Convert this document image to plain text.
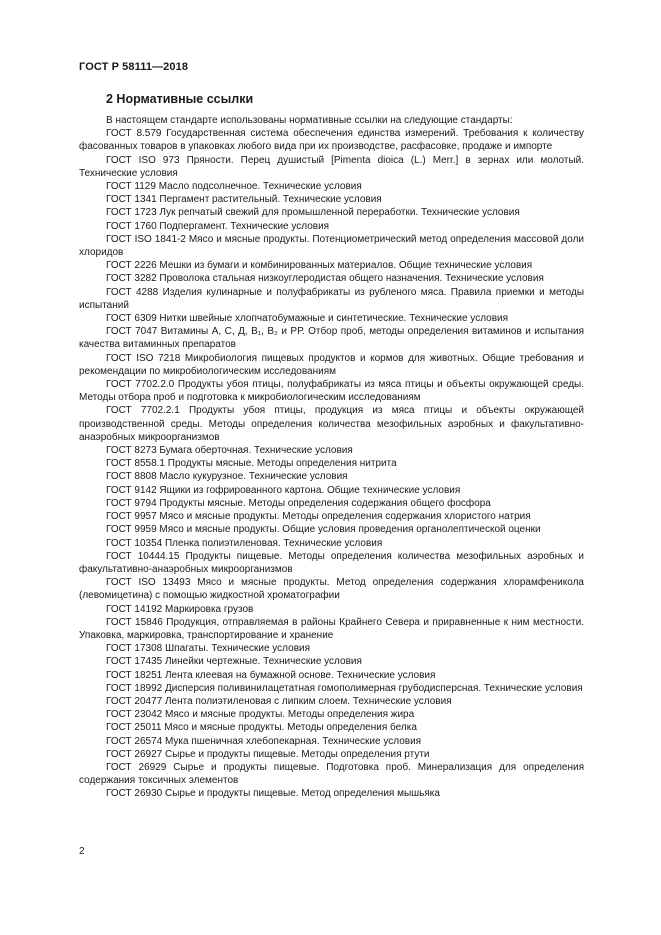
ГОСТ Р 58111—2018
2 Нормативные ссылки

В настоящем стандарте использованы нормативные ссылки на следующие стандарты:

ГОСТ 8.579 Государственная система обеспечения единства измерений. Требования к количеству фасованных товаров в упаковках любого вида при их производстве, расфасовке, продаже и импорте

ГОСТ ISO 973 Пряности. Перец душистый [Pimenta dioica (L.) Merr.] в зернах или молотый. Технические условия

ГОСТ 1129 Масло подсолнечное. Технические условия

ГОСТ 1341 Пергамент растительный. Технические условия

ГОСТ 1723 Лук репчатый свежий для промышленной переработки. Технические условия

ГОСТ 1760 Подпергамент. Технические условия

ГОСТ ISO 1841-2 Мясо и мясные продукты. Потенциометрический метод определения массовой доли хлоридов

ГОСТ 2226 Мешки из бумаги и комбинированных материалов. Общие технические условия

ГОСТ 3282 Проволока стальная низкоуглеродистая общего назначения. Технические условия

ГОСТ 4288 Изделия кулинарные и полуфабрикаты из рубленого мяса. Правила приемки и методы испытаний

ГОСТ 6309 Нитки швейные хлопчатобумажные и синтетические. Технические условия

ГОСТ 7047 Витамины А, С, Д, В₁, В₂ и РР. Отбор проб, методы определения витаминов и испытания качества витаминных препаратов

ГОСТ ISO 7218 Микробиология пищевых продуктов и кормов для животных. Общие требования и рекомендации по микробиологическим исследованиям

ГОСТ 7702.2.0 Продукты убоя птицы, полуфабрикаты из мяса птицы и объекты окружающей среды. Методы отбора проб и подготовка к микробиологическим исследованиям

ГОСТ 7702.2.1 Продукты убоя птицы, продукция из мяса птицы и объекты окружающей производственной среды. Методы определения количества мезофильных аэробных и факультативно-анаэробных микроорганизмов

ГОСТ 8273 Бумага оберточная. Технические условия

ГОСТ 8558.1 Продукты мясные. Методы определения нитрита

ГОСТ 8808 Масло кукурузное. Технические условия

ГОСТ 9142 Ящики из гофрированного картона. Общие технические условия

ГОСТ 9794 Продукты мясные. Методы определения содержания общего фосфора

ГОСТ 9957 Мясо и мясные продукты. Методы определения содержания хлористого натрия

ГОСТ 9959 Мясо и мясные продукты. Общие условия проведения органолептической оценки

ГОСТ 10354 Пленка полиэтиленовая. Технические условия

ГОСТ 10444.15 Продукты пищевые. Методы определения количества мезофильных аэробных и факультативно-анаэробных микроорганизмов

ГОСТ ISO 13493 Мясо и мясные продукты. Метод определения содержания хлорамфеникола (левомицетина) с помощью жидкостной хроматографии

ГОСТ 14192 Маркировка грузов

ГОСТ 15846 Продукция, отправляемая в районы Крайнего Севера и приравненные к ним местности. Упаковка, маркировка, транспортирование и хранение

ГОСТ 17308 Шпагаты. Технические условия

ГОСТ 17435 Линейки чертежные. Технические условия

ГОСТ 18251 Лента клеевая на бумажной основе. Технические условия

ГОСТ 18992 Дисперсия поливинилацетатная гомополимерная грубодисперсная. Технические условия

ГОСТ 20477 Лента полиэтиленовая с липким слоем. Технические условия

ГОСТ 23042 Мясо и мясные продукты. Методы определения жира

ГОСТ 25011 Мясо и мясные продукты. Методы определения белка

ГОСТ 26574 Мука пшеничная хлебопекарная. Технические условия

ГОСТ 26927 Сырье и продукты пищевые. Методы определения ртути

ГОСТ 26929 Сырье и продукты пищевые. Подготовка проб. Минерализация для определения содержания токсичных элементов

ГОСТ 26930 Сырье и продукты пищевые. Метод определения мышьяка

2
